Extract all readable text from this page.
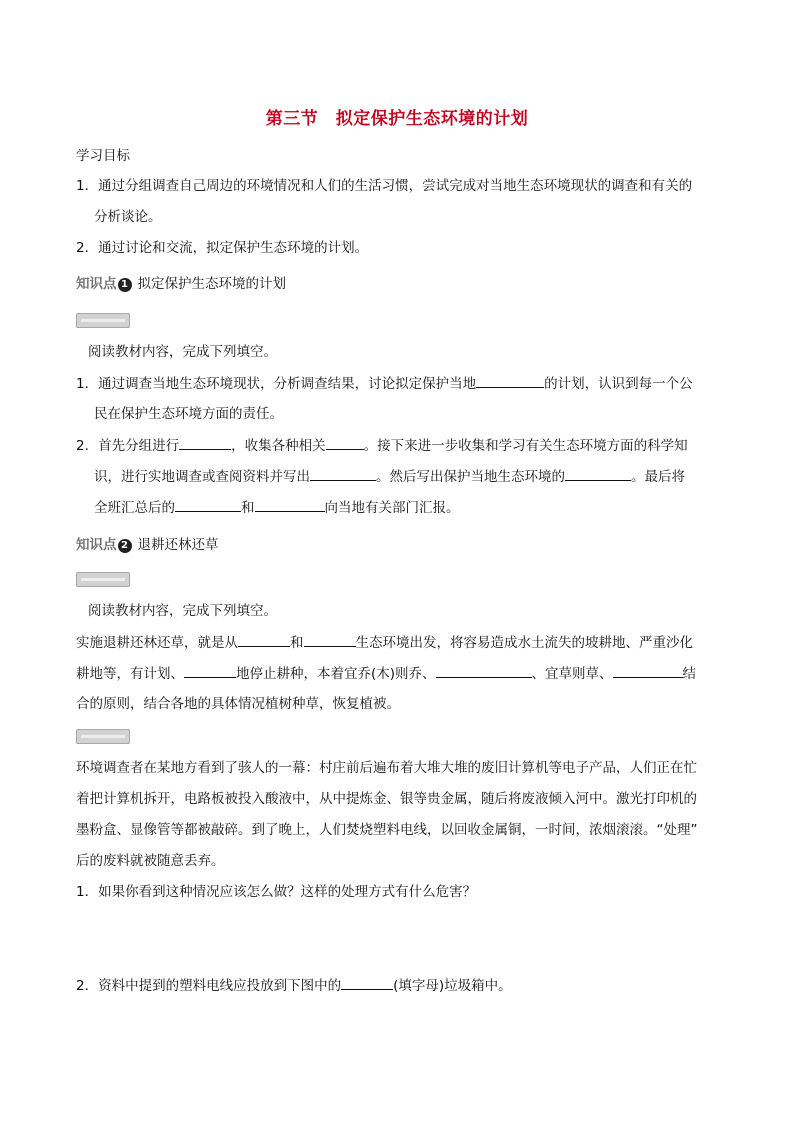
第三节　拟定保护生态环境的计划
学习目标
1．通过分组调查自己周边的环境情况和人们的生活习惯，尝试完成对当地生态环境现状的调查和有关的
分析谈论。
2．通过讨论和交流，拟定保护生态环境的计划。
知识点 1 拟定保护生态环境的计划
阅读教材内容，完成下列填空。
1．通过调查当地生态环境现状，分析调查结果，讨论拟定保护当地	的计划，认识到每一个公
民在保护生态环境方面的责任。
2．首先分组进行	，收集各种相关	。接下来进一步收集和学习有关生态环境方面的科学知
识，进行实地调查或查阅资料并写出	。然后写出保护当地生态环境的	。最后将
全班汇总后的	和	向当地有关部门汇报。
知识点 2 退耕还林还草
阅读教材内容，完成下列填空。
实施退耕还林还草，就是从	和	生态环境出发，将容易造成水土流失的坡耕地、严重沙化
耕地等，有计划、	地停止耕种，本着宜乔(木)则乔、	、宜草则草、	结
合的原则，结合各地的具体情况植树种草，恢复植被。
环境调查者在某地方看到了骇人的一幕：村庄前后遍布着大堆大堆的废旧计算机等电子产品，人们正在忙
着把计算机拆开，电路板被投入酸液中，从中提炼金、银等贵金属，随后将废液倾入河中。激光打印机的
墨粉盒、显像管等都被敲碎。到了晚上，人们焚烧塑料电线，以回收金属铜，一时间，浓烟滚滚。“处理”
后的废料就被随意丢弃。
1．如果你看到这种情况应该怎么做？这样的处理方式有什么危害？
2．资料中提到的塑料电线应投放到下图中的	(填字母)垃圾箱中。
